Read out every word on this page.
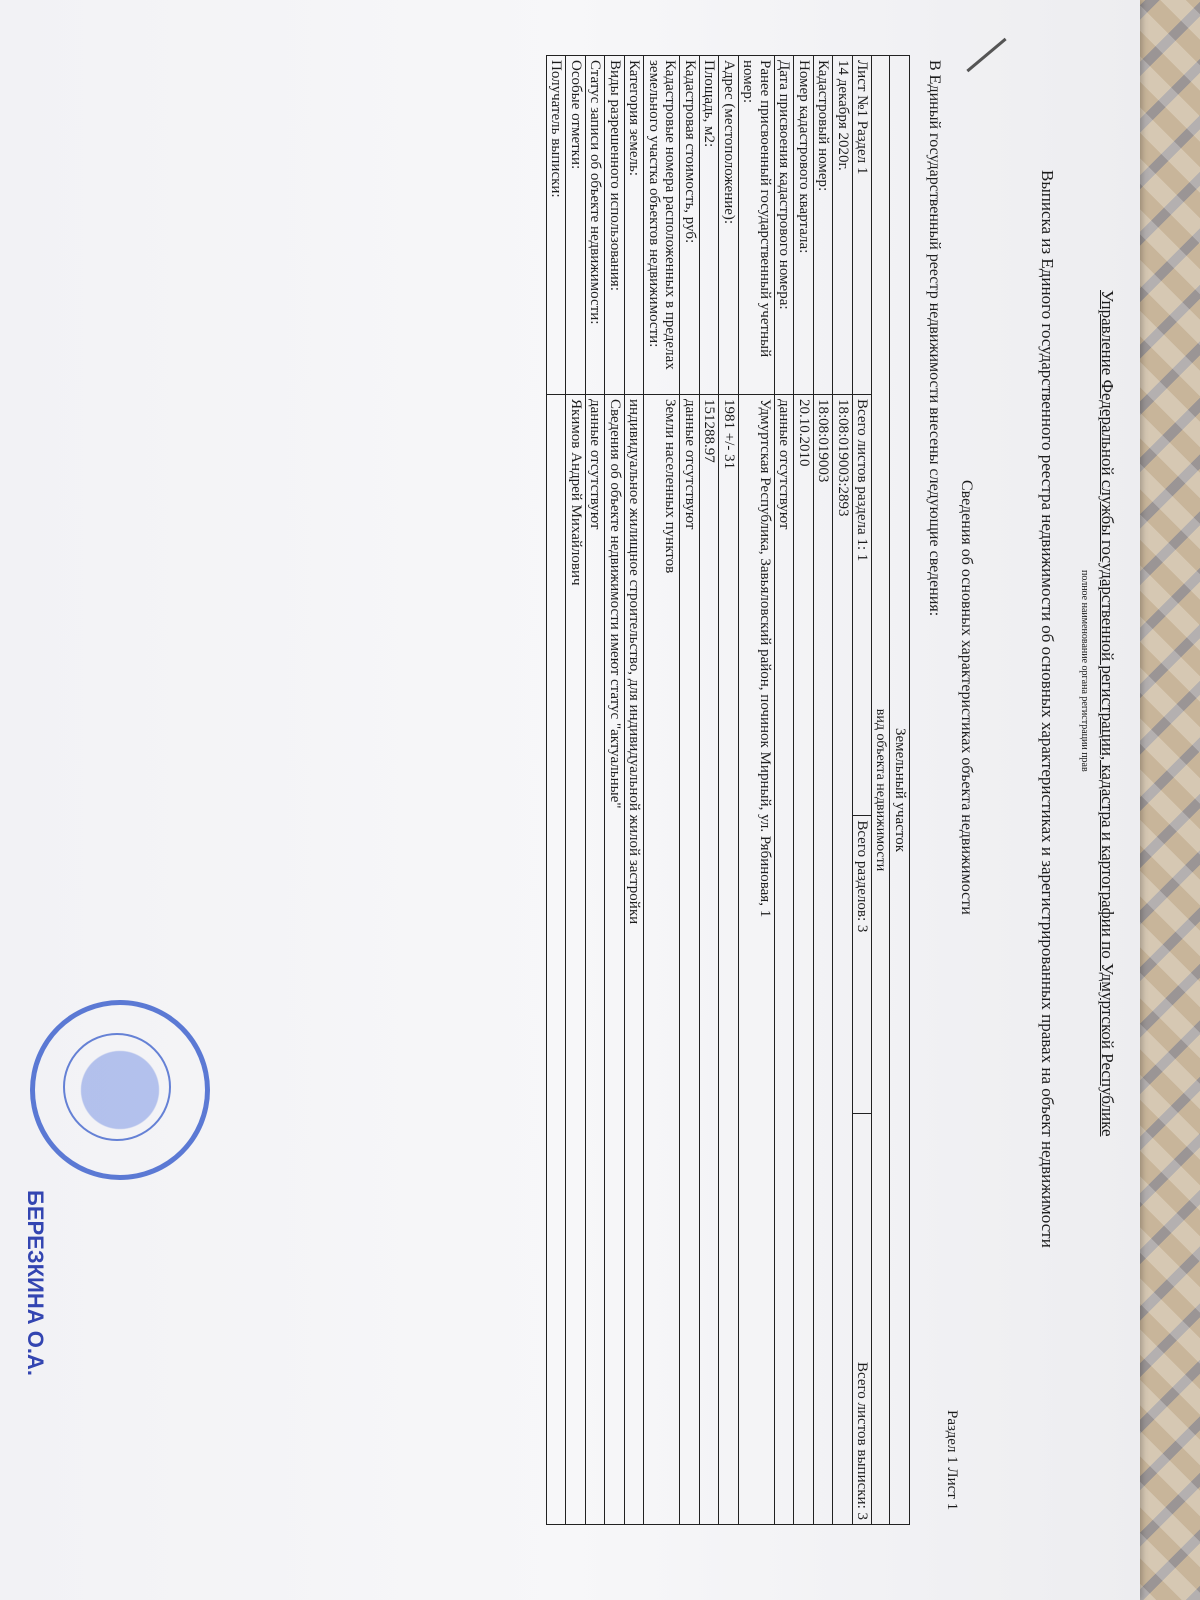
Управление Федеральной службы государственной регистрации, кадастра и картографии по Удмуртской Республике
полное наименование органа регистрации прав
Выписка из Единого государственного реестра недвижимости об основных характеристиках и зарегистрированных правах на объект недвижимости
Сведения об основных характеристиках объекта недвижимости
Раздел 1 Лист 1
В Единый государственный реестр недвижимости внесены следующие сведения:
Земельный участок			
вид объекта недвижимости			
Лист №1 Раздел 1	Всего листов раздела 1: 1	Всего разделов: 3	Всего листов выписки: 3
14 декабря 2020г.	18:08:019003:2893		
Кадастровый номер:	18:08:019003		
Номер кадастрового квартала:	20.10.2010		
Дата присвоения кадастрового номера:	данные отсутствуют		
Ранее присвоенный государственный учетный номер:	Удмуртская Республика, Завьяловский район, починок Мирный, ул. Рябиновая, 1		
Адрес (местоположение):	1981 +/- 31		
Площадь, м2:	151288.97		
Кадастровая стоимость, руб:	данные отсутствуют		
Кадастровые номера расположенных в пределах земельного участка объектов недвижимости:	Земли населенных пунктов		
Категория земель:	индивидуальное жилищное строительство, для индивидуальной жилой застройки		
Виды разрешенного использования:	Сведения об объекте недвижимости имеют статус "актуальные"		
Статус записи об объекте недвижимости:	данные отсутствуют		
Особые отметки:	Якимов Андрей Михайлович		
Получатель выписки:			
БЕРЕЗКИНА О.А.
